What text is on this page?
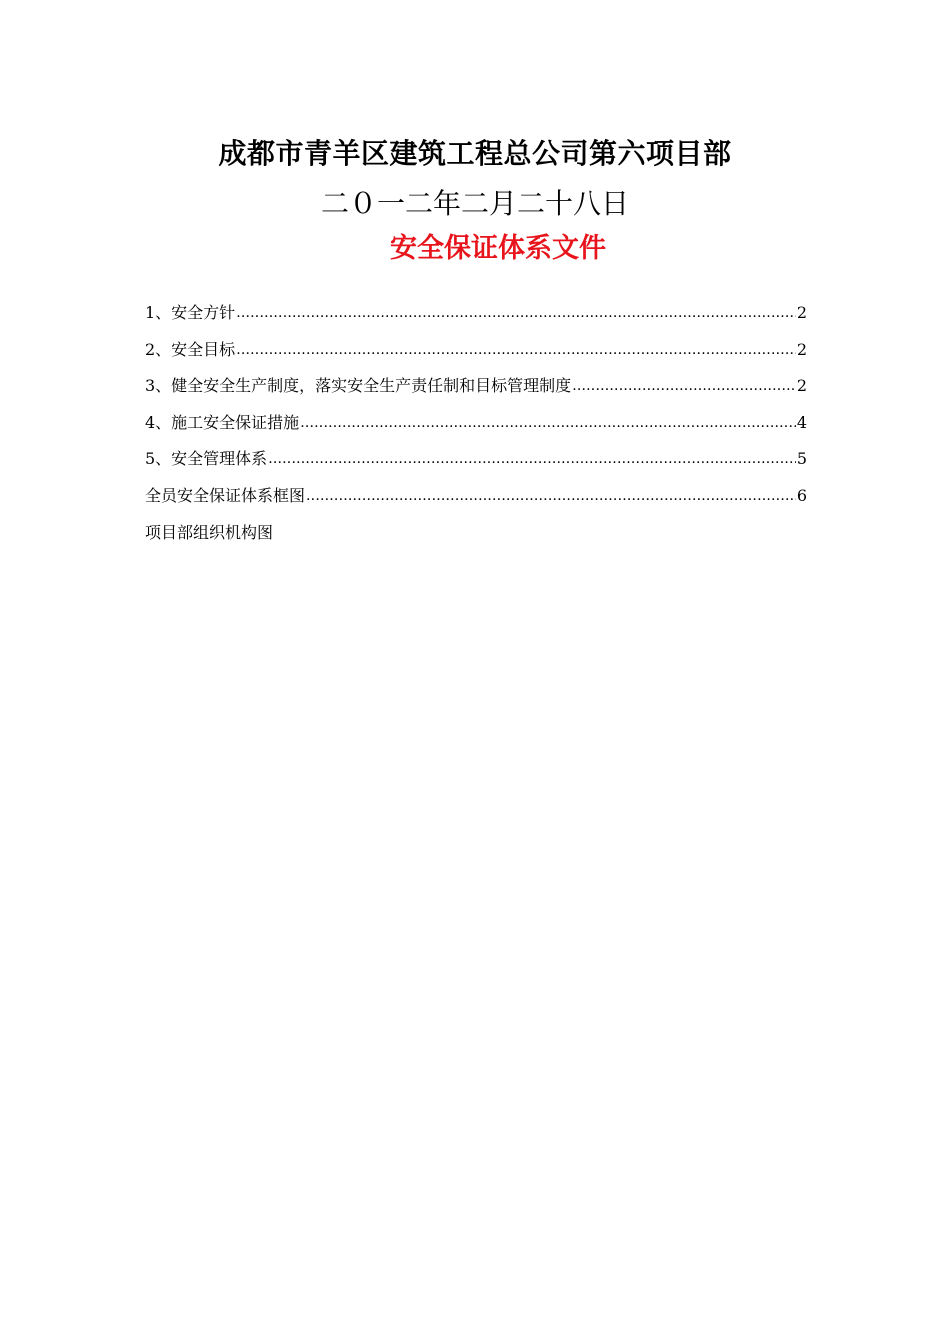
成都市青羊区建筑工程总公司第六项目部
二０一二年二月二十八日
安全保证体系文件
1、安全方针 .....	2
2、安全目标 .....	2
3、健全安全生产制度，落实安全生产责任制和目标管理制度 .....	2
4、施工安全保证措施 .....	4
5、安全管理体系 .....	5
全员安全保证体系框图 .....	6
项目部组织机构图
